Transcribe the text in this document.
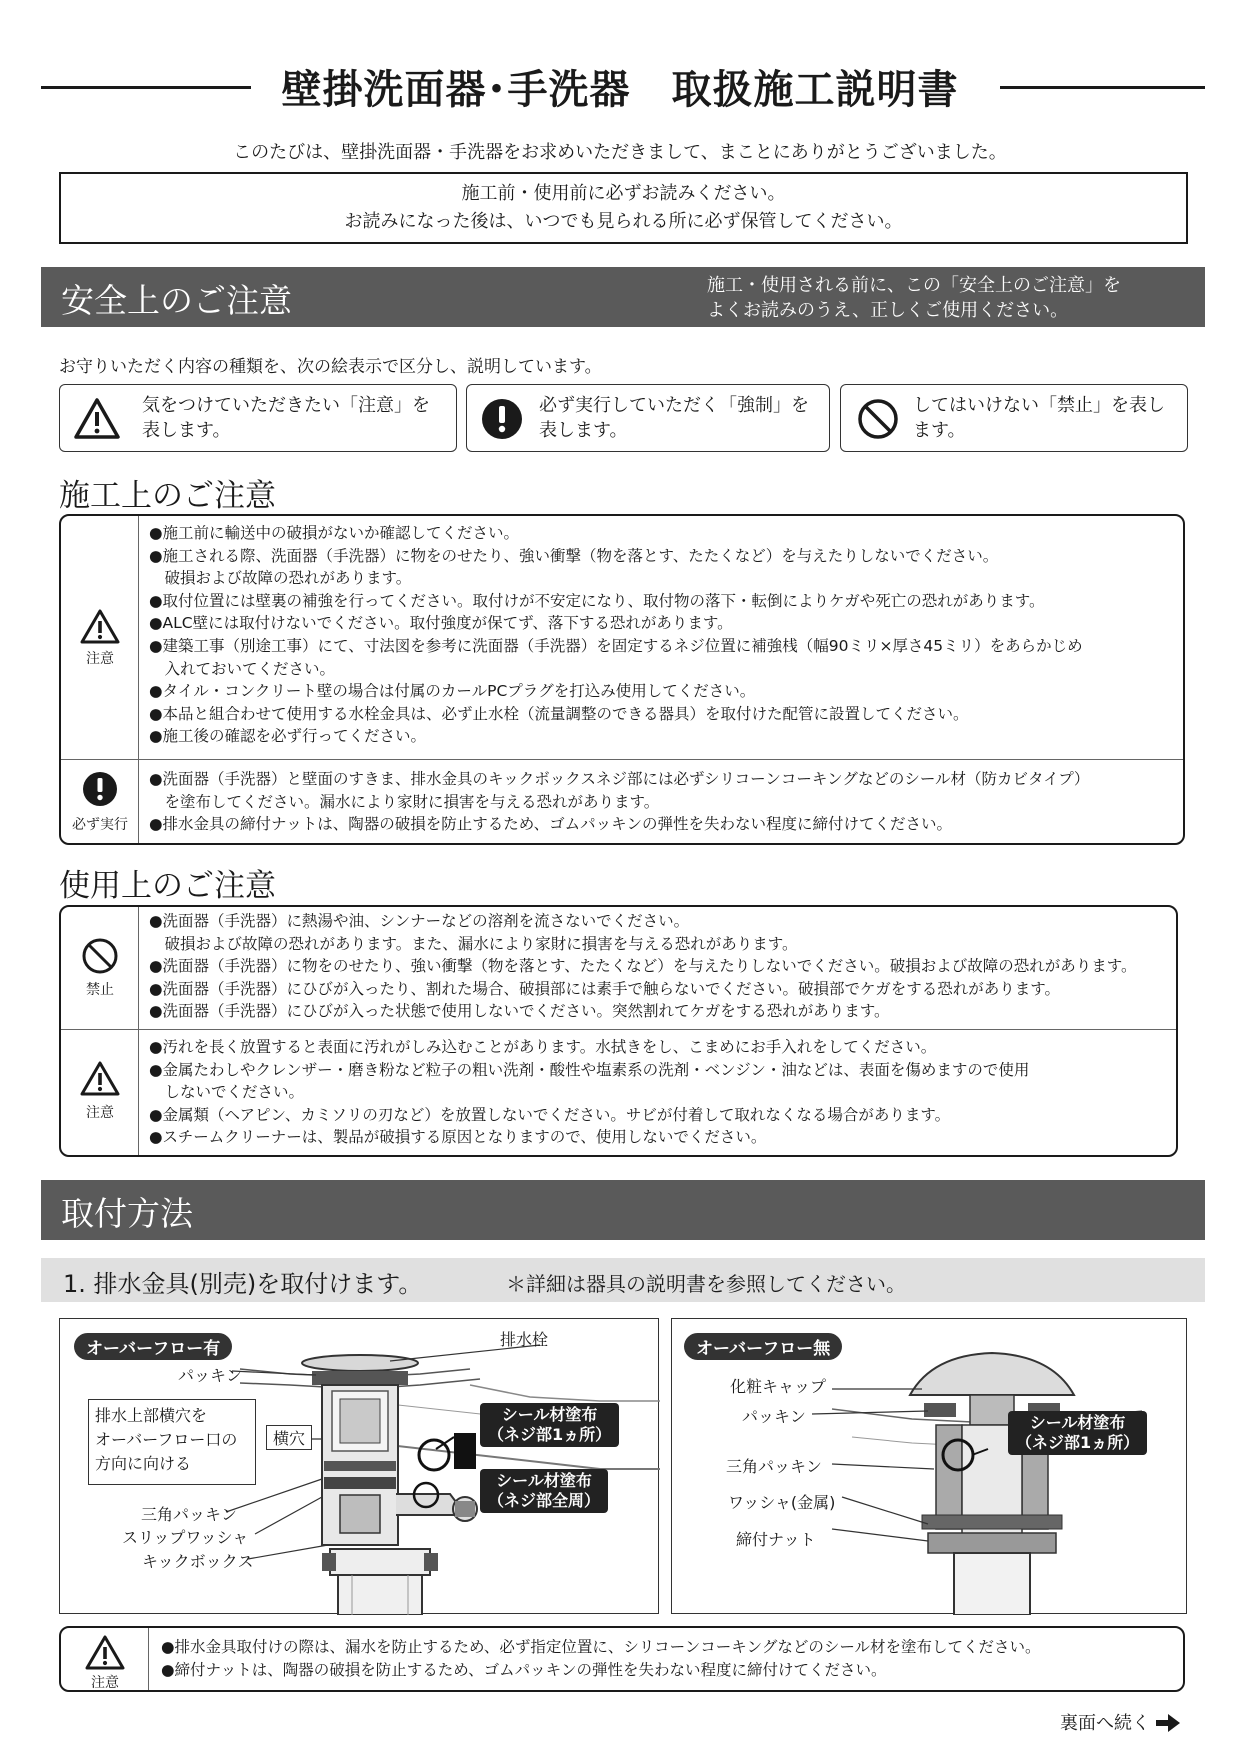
壁掛洗面器･手洗器　取扱施工説明書
このたびは、壁掛洗面器・手洗器をお求めいただきまして、まことにありがとうございました。
施工前・使用前に必ずお読みください。
お読みになった後は、いつでも見られる所に必ず保管してください。
安全上のご注意	施工・使用される前に、この「安全上のご注意」を
よくお読みのうえ、正しくご使用ください。
お守りいただく内容の種類を、次の絵表示で区分し、説明しています。
気をつけていただきたい「注意」を
表します。
必ず実行していただく「強制」を
表します。
してはいけない「禁止」を表し
ます。
施工上のご注意
注意
●施工前に輸送中の破損がないか確認してください。
●施工される際、洗面器（手洗器）に物をのせたり、強い衝撃（物を落とす、たたくなど）を与えたりしないでください。
　破損および故障の恐れがあります。
●取付位置には壁裏の補強を行ってください。取付けが不安定になり、取付物の落下・転倒によりケガや死亡の恐れがあります。
●ALC壁には取付けないでください。取付強度が保てず、落下する恐れがあります。
●建築工事（別途工事）にて、寸法図を参考に洗面器（手洗器）を固定するネジ位置に補強桟（幅90ミリ×厚さ45ミリ）をあらかじめ
　入れておいてください。
●タイル・コンクリート壁の場合は付属のカールPCプラグを打込み使用してください。
●本品と組合わせて使用する水栓金具は、必ず止水栓（流量調整のできる器具）を取付けた配管に設置してください。
●施工後の確認を必ず行ってください。
必ず実行
●洗面器（手洗器）と壁面のすきま、排水金具のキックボックスネジ部には必ずシリコーンコーキングなどのシール材（防カビタイプ）
　を塗布してください。漏水により家財に損害を与える恐れがあります。
●排水金具の締付ナットは、陶器の破損を防止するため、ゴムパッキンの弾性を失わない程度に締付けてください。
使用上のご注意
禁止
●洗面器（手洗器）に熱湯や油、シンナーなどの溶剤を流さないでください。
　破損および故障の恐れがあります。また、漏水により家財に損害を与える恐れがあります。
●洗面器（手洗器）に物をのせたり、強い衝撃（物を落とす、たたくなど）を与えたりしないでください。破損および故障の恐れがあります。
●洗面器（手洗器）にひびが入ったり、割れた場合、破損部には素手で触らないでください。破損部でケガをする恐れがあります。
●洗面器（手洗器）にひびが入った状態で使用しないでください。突然割れてケガをする恐れがあります。
注意
●汚れを長く放置すると表面に汚れがしみ込むことがあります。水拭きをし、こまめにお手入れをしてください。
●金属たわしやクレンザー・磨き粉など粒子の粗い洗剤・酸性や塩素系の洗剤・ベンジン・油などは、表面を傷めますので使用
　しないでください。
●金属類（ヘアピン、カミソリの刃など）を放置しないでください。サビが付着して取れなくなる場合があります。
●スチームクリーナーは、製品が破損する原因となりますので、使用しないでください。
取付方法
1. 排水金具(別売)を取付けます。	＊詳細は器具の説明書を参照してください。
オーバーフロー有	排水栓
パッキン
排水上部横穴を
オーバーフロー口の
方向に向ける
横穴
三角パッキン
スリップワッシャ
キックボックス
シール材塗布
（ネジ部1ヵ所）
シール材塗布
（ネジ部全周）
オーバーフロー無
化粧キャップ
パッキン
三角パッキン
ワッシャ(金属)
締付ナット
シール材塗布
（ネジ部1ヵ所）
注意
●排水金具取付けの際は、漏水を防止するため、必ず指定位置に、シリコーンコーキングなどのシール材を塗布してください。
●締付ナットは、陶器の破損を防止するため、ゴムパッキンの弾性を失わない程度に締付けてください。
裏面へ続く
